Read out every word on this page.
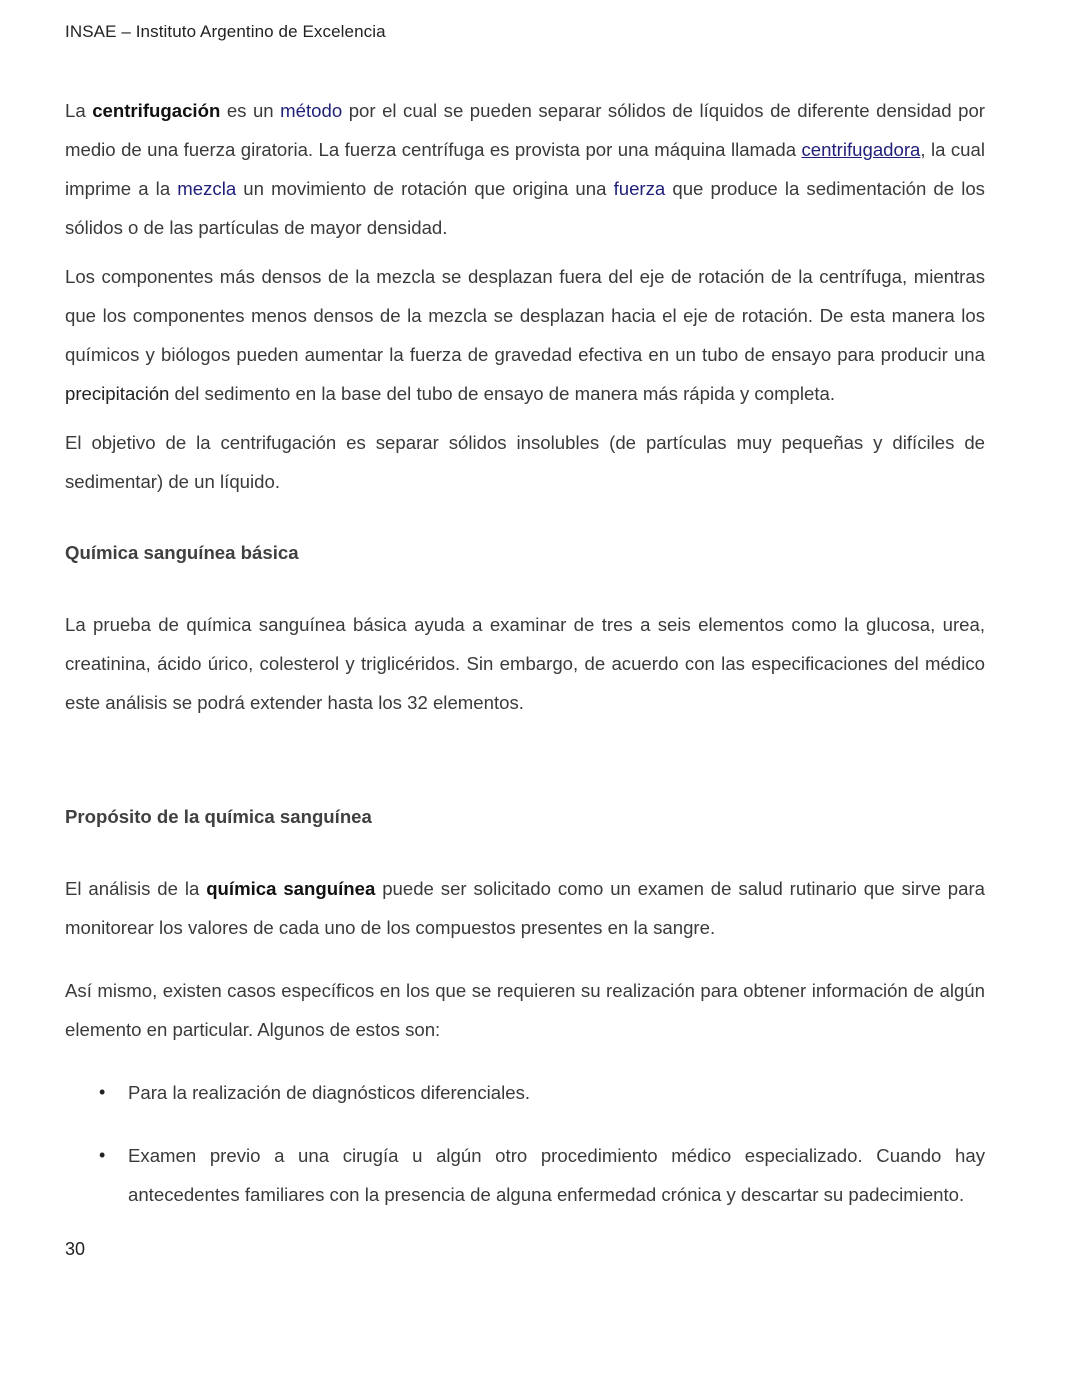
INSAE – Instituto Argentino de Excelencia

La centrifugación es un método por el cual se pueden separar sólidos de líquidos de diferente densidad por medio de una fuerza giratoria. La fuerza centrífuga es provista por una máquina llamada centrifugadora, la cual imprime a la mezcla un movimiento de rotación que origina una fuerza que produce la sedimentación de los sólidos o de las partículas de mayor densidad.

Los componentes más densos de la mezcla se desplazan fuera del eje de rotación de la centrífuga, mientras que los componentes menos densos de la mezcla se desplazan hacia el eje de rotación. De esta manera los químicos y biólogos pueden aumentar la fuerza de gravedad efectiva en un tubo de ensayo para producir una precipitación del sedimento en la base del tubo de ensayo de manera más rápida y completa.

El objetivo de la centrifugación es separar sólidos insolubles (de partículas muy pequeñas y difíciles de sedimentar) de un líquido.

Química sanguínea básica

La prueba de química sanguínea básica ayuda a examinar de tres a seis elementos como la glucosa, urea, creatinina, ácido úrico, colesterol y triglicéridos. Sin embargo, de acuerdo con las especificaciones del médico este análisis se podrá extender hasta los 32 elementos.

Propósito de la química sanguínea

El análisis de la química sanguínea puede ser solicitado como un examen de salud rutinario que sirve para monitorear los valores de cada uno de los compuestos presentes en la sangre.

Así mismo, existen casos específicos en los que se requieren su realización para obtener información de algún elemento en particular. Algunos de estos son:

• Para la realización de diagnósticos diferenciales.
• Examen previo a una cirugía u algún otro procedimiento médico especializado. Cuando hay antecedentes familiares con la presencia de alguna enfermedad crónica y descartar su padecimiento.
30
